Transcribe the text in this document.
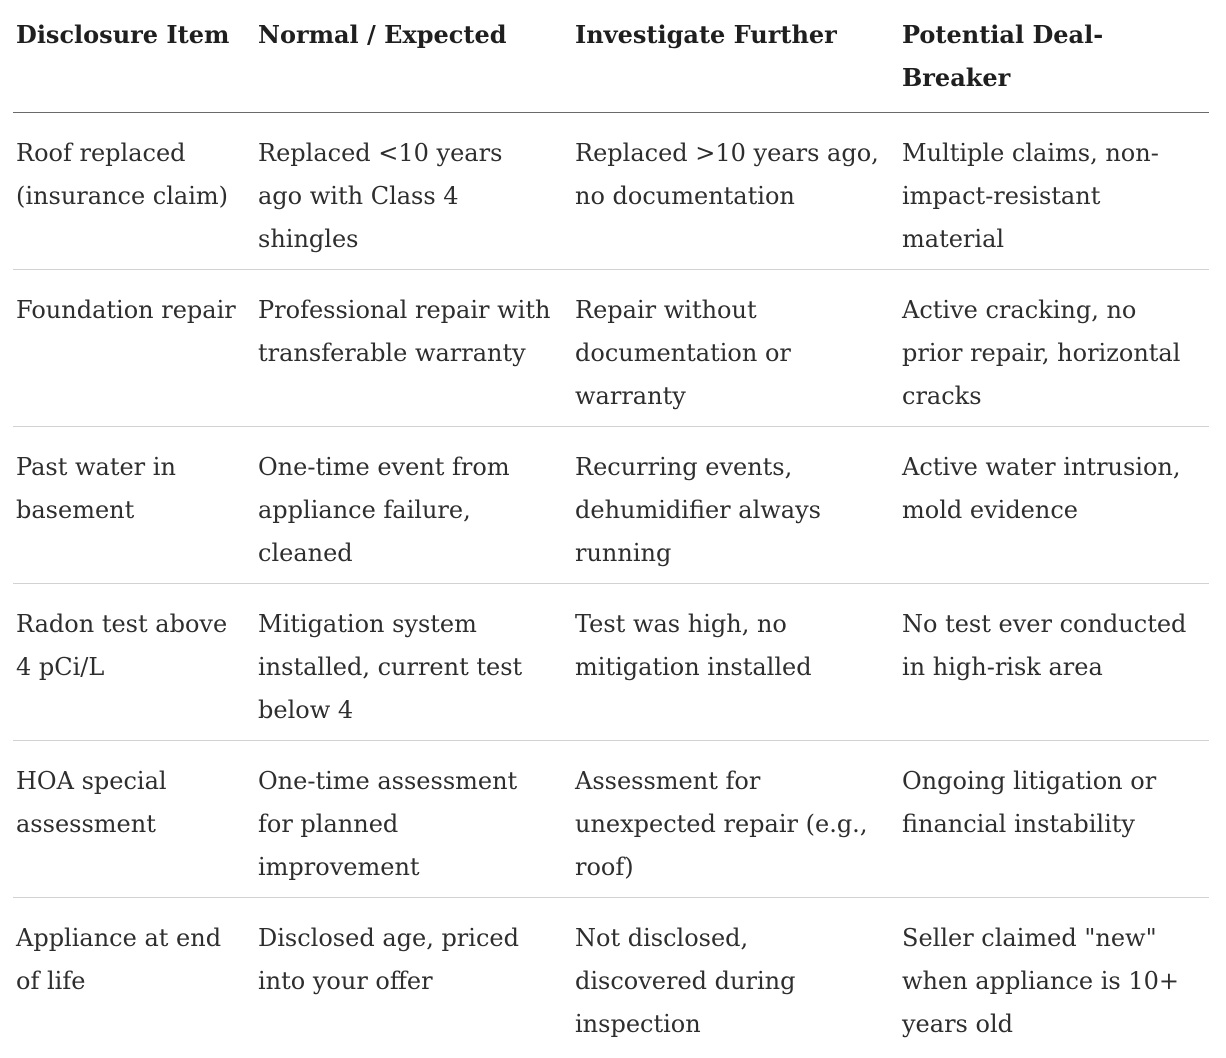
Disclosure Item	Normal / Expected	Investigate Further	Potential Deal-Breaker
Roof replaced (insurance claim)	Replaced <10 years ago with Class 4 shingles	Replaced >10 years ago, no documentation	Multiple claims, non-impact-resistant material
Foundation repair	Professional repair with transferable warranty	Repair without documentation or warranty	Active cracking, no prior repair, horizontal cracks
Past water in basement	One-time event from appliance failure, cleaned	Recurring events, dehumidifier always running	Active water intrusion, mold evidence
Radon test above 4 pCi/L	Mitigation system installed, current test below 4	Test was high, no mitigation installed	No test ever conducted in high-risk area
HOA special assessment	One-time assessment for planned improvement	Assessment for unexpected repair (e.g., roof)	Ongoing litigation or financial instability
Appliance at end of life	Disclosed age, priced into your offer	Not disclosed, discovered during inspection	Seller claimed "new" when appliance is 10+ years old
